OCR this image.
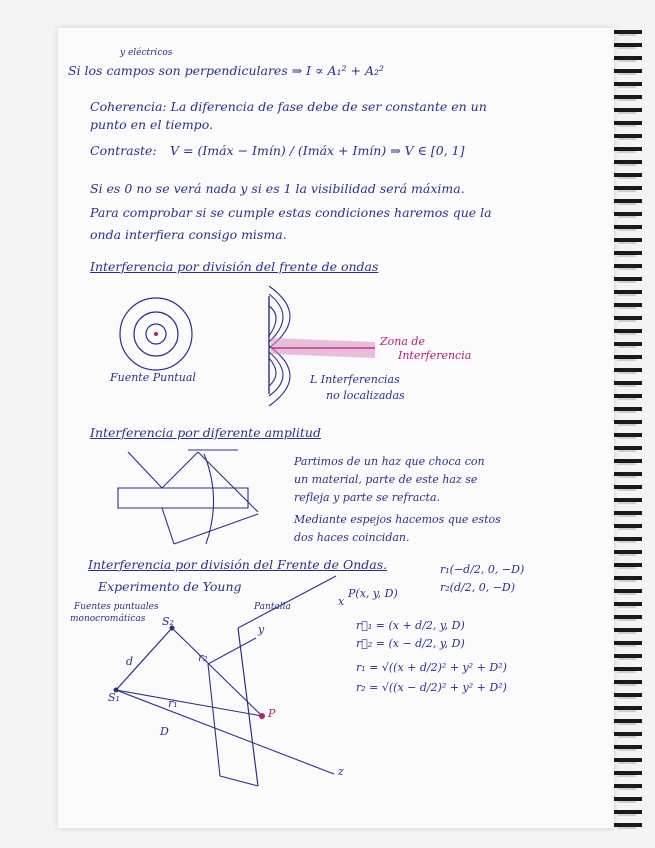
y eléctricos

Si los campos son perpendiculares ⇒ I ∝ A₁² + A₂²

Coherencia: La diferencia de fase debe de ser constante en un

punto en el tiempo.

Contraste: V = (Imáx − Imín) / (Imáx + Imín) ⇒ V ∈ [0, 1]

Si es 0 no se verá nada y si es 1 la visibilidad será máxima.

Para comprobar si se cumple estas condiciones haremos que la

onda interfiera consigo misma.

Interferencia por división del frente de ondas

Fuente Puntual

Zona de

Interferencia

L Interferencias

no localizadas

Interferencia por diferente amplitud

Partimos de un haz que choca con

un material, parte de este haz se

refleja y parte se refracta.

Mediante espejos hacemos que estos

dos haces coincidan.

Interferencia por división del Frente de Ondas.

Experimento de Young

Fuentes puntuales

monocromáticas

Pantalla

S₁

S₂

r₁

r₂

d

D

P

x

y

z

P(x, y, D)

r₁(−d/2, 0, −D)

r₂(d/2, 0, −D)

r⃗₁ = (x + d/2, y, D)

r⃗₂ = (x − d/2, y, D)

r₁ = √((x + d/2)² + y² + D²)

r₂ = √((x − d/2)² + y² + D²)
